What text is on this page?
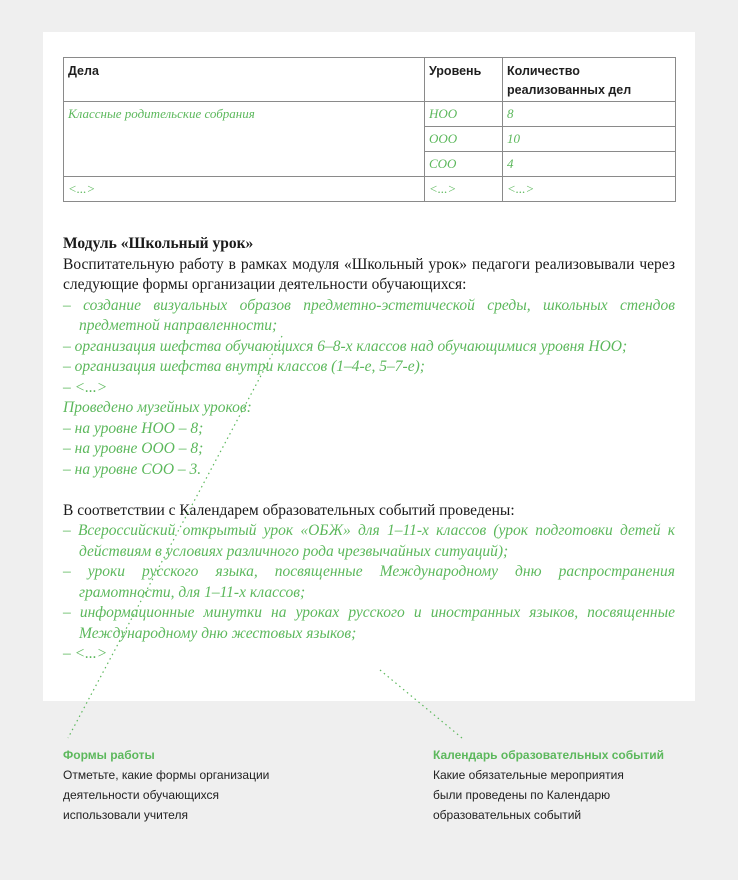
Дела	Уровень	Количество
реализованных дел
Классные родительские собрания	НОО	8
	ООО	10
	СОО	4
<...>	<...>	<...>
Модуль «Школьный урок»
Воспитательную работу в рамках модуля «Школьный урок» педагоги реализовывали через следующие формы организации деятельности обучающихся:
– создание визуальных образов предметно-эстетической среды, школьных стендов предметной направленности;
– организация шефства обучающихся 6–8-х классов над обучающимися уровня НОО;
– организация шефства внутри классов (1–4-е, 5–7-е);
– <...>
Проведено музейных уроков:
– на уровне НОО – 8;
– на уровне ООО – 8;
– на уровне СОО – 3.
В соответствии с Календарем образовательных событий проведены:
– Всероссийский открытый урок «ОБЖ» для 1–11-х классов (урок подготовки детей к действиям в условиях различного рода чрезвычайных ситуаций);
– уроки русского языка, посвященные Международному дню распространения грамотности, для 1–11-х классов;
– информационные минутки на уроках русского и иностранных языков, посвященные Международному дню жестовых языков;
– <...>
Формы работы
Отметьте, какие формы организации
деятельности обучающихся
использовали учителя
Календарь образовательных событий
Какие обязательные мероприятия
были проведены по Календарю
образовательных событий
